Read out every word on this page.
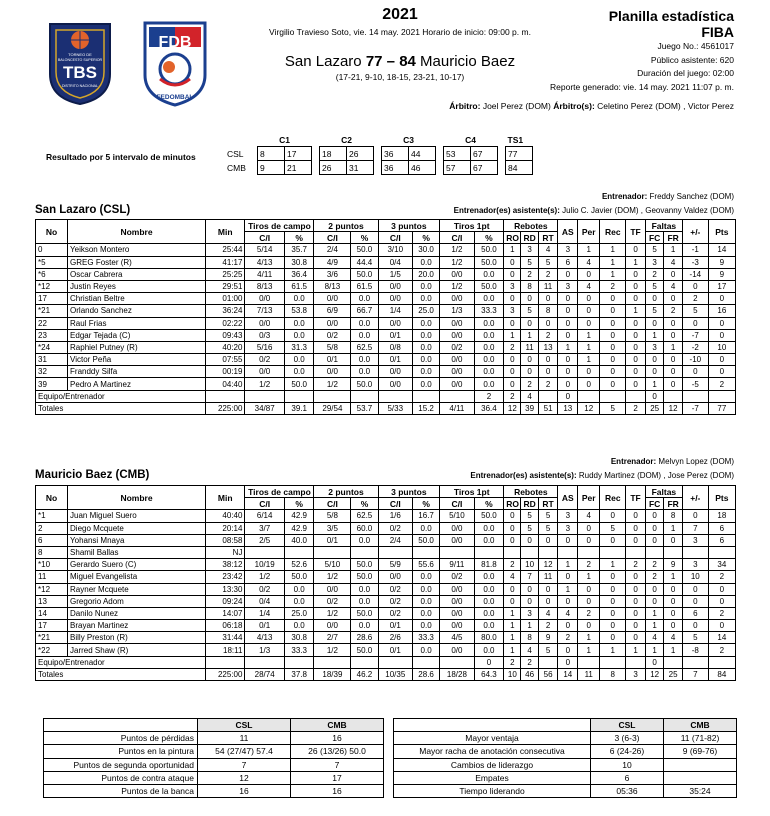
TORNEO DE
BALONCESTO SUPERIOR
TBS
DISTRITO NACIONAL
FDB
FEDOMBAL
2021
Virgilio Travieso Soto, vie. 14 may. 2021 Horario de inicio: 09:00 p. m.
San Lazaro 77 – 84 Mauricio Baez
(17-21, 9-10, 18-15, 23-21, 10-17)
Planilla estadística
FIBA
Juego No.: 4561017
Público asistente: 620
Duración del juego: 02:00
Reporte generado: vie. 14 may. 2021 11:07 p. m.
Árbitro: Joel Perez (DOM) Árbitro(s): Celetino Perez (DOM) , Victor Perez
Resultado por 5 intervalo de minutos
	C1			C2			C3			C4			TS1
CSL	8	17		18	26		36	44		53	67		77
CMB	9	21		26	31		36	46		57	67		84
Entrenador: Freddy Sanchez (DOM)
San Lazaro (CSL)	Entrenador(es) asistente(s): Julio C. Javier (DOM) , Geovanny Valdez (DOM)
No	Nombre	Min	Tiros de campo		2 puntos		3 puntos		Tiros 1pt		Rebotes			AS	Per	Rec	TF	Faltas		+/-	Pts
			C/I	%	C/I	%	C/I	%	C/I	%	RO	RD	RT					FC	FR		
0	Yeikson Montero	25:44	5/14	35.7	2/4	50.0	3/10	30.0	1/2	50.0	1	3	4	3	1	1	0	5	1	-1	14
*5	GREG Foster (R)	41:17	4/13	30.8	4/9	44.4	0/4	0.0	1/2	50.0	0	5	5	6	4	1	1	3	4	-3	9
*6	Oscar Cabrera	25:25	4/11	36.4	3/6	50.0	1/5	20.0	0/0	0.0	0	2	2	0	0	1	0	2	0	-14	9
*12	Justin Reyes	29:51	8/13	61.5	8/13	61.5	0/0	0.0	1/2	50.0	3	8	11	3	4	2	0	5	4	0	17
17	Christian Beltre	01:00	0/0	0.0	0/0	0.0	0/0	0.0	0/0	0.0	0	0	0	0	0	0	0	0	0	2	0
*21	Orlando Sanchez	36:24	7/13	53.8	6/9	66.7	1/4	25.0	1/3	33.3	3	5	8	0	0	0	1	5	2	5	16
22	Raul Frias	02:22	0/0	0.0	0/0	0.0	0/0	0.0	0/0	0.0	0	0	0	0	0	0	0	0	0	0	0
23	Edgar Tejada (C)	09:43	0/3	0.0	0/2	0.0	0/1	0.0	0/0	0.0	1	1	2	0	1	0	0	1	0	-7	0
*24	Raphiel Putney (R)	40:20	5/16	31.3	5/8	62.5	0/8	0.0	0/2	0.0	2	11	13	1	1	0	0	3	1	-2	10
31	Victor Peña	07:55	0/2	0.0	0/1	0.0	0/1	0.0	0/0	0.0	0	0	0	0	1	0	0	0	0	-10	0
32	Franddy Silfa	00:19	0/0	0.0	0/0	0.0	0/0	0.0	0/0	0.0	0	0	0	0	0	0	0	0	0	0	0
39	Pedro A Martinez	04:40	1/2	50.0	1/2	50.0	0/0	0.0	0/0	0.0	0	2	2	0	0	0	0	1	0	-5	2
Equipo/Entrenador										2	2	4		0				0			
Totales		225:00	34/87	39.1	29/54	53.7	5/33	15.2	4/11	36.4	12	39	51	13	12	5	2	25	12	-7	77
Entrenador: Melvyn Lopez (DOM)
Mauricio Baez (CMB)	Entrenador(es) asistente(s): Ruddy Martinez (DOM) , Jose Perez (DOM)
No	Nombre	Min	Tiros de campo		2 puntos		3 puntos		Tiros 1pt		Rebotes			AS	Per	Rec	TF	Faltas		+/-	Pts
			C/I	%	C/I	%	C/I	%	C/I	%	RO	RD	RT					FC	FR		
*1	Juan Miguel Suero	40:40	6/14	42.9	5/8	62.5	1/6	16.7	5/10	50.0	0	5	5	3	4	0	0	0	8	0	18
2	Diego Mcquete	20:14	3/7	42.9	3/5	60.0	0/2	0.0	0/0	0.0	0	5	5	3	0	5	0	0	1	7	6
6	Yohansi Mnaya	08:58	2/5	40.0	0/1	0.0	2/4	50.0	0/0	0.0	0	0	0	0	0	0	0	0	0	3	6
8	Shamil Ballas	NJ																			
*10	Gerardo Suero (C)	38:12	10/19	52.6	5/10	50.0	5/9	55.6	9/11	81.8	2	10	12	1	2	1	2	2	9	3	34
11	Miguel Evangelista	23:42	1/2	50.0	1/2	50.0	0/0	0.0	0/2	0.0	4	7	11	0	1	0	0	2	1	10	2
*12	Rayner Mcquete	13:30	0/2	0.0	0/0	0.0	0/2	0.0	0/0	0.0	0	0	0	1	0	0	0	0	0	0	0
13	Gregorio Adom	09:24	0/4	0.0	0/2	0.0	0/2	0.0	0/0	0.0	0	0	0	0	0	0	0	0	0	0	0
14	Danilo Nunez	14:07	1/4	25.0	1/2	50.0	0/2	0.0	0/0	0.0	1	3	4	4	2	0	0	1	0	6	2
17	Brayan Martinez	06:18	0/1	0.0	0/0	0.0	0/1	0.0	0/0	0.0	1	1	2	0	0	0	0	1	0	0	0
*21	Billy Preston (R)	31:44	4/13	30.8	2/7	28.6	2/6	33.3	4/5	80.0	1	8	9	2	1	0	0	4	4	5	14
*22	Jarred Shaw (R)	18:11	1/3	33.3	1/2	50.0	0/1	0.0	0/0	0.0	1	4	5	0	1	1	1	1	1	-8	2
Equipo/Entrenador										0	2	2		0				0			
Totales		225:00	28/74	37.8	18/39	46.2	10/35	28.6	18/28	64.3	10	46	56	14	11	8	3	12	25	7	84
	CSL	CMB
Puntos de pérdidas	11	16
Puntos en la pintura	54 (27/47) 57.4	26 (13/26) 50.0
Puntos de segunda oportunidad	7	7
Puntos de contra ataque	12	17
Puntos de la banca	16	16
	CSL	CMB
Mayor ventaja	3 (6-3)	11 (71-82)
Mayor racha de anotación consecutiva	6 (24-26)	9 (69-76)
Cambios de liderazgo	10	
Empates	6	
Tiempo liderando	05:36	35:24
